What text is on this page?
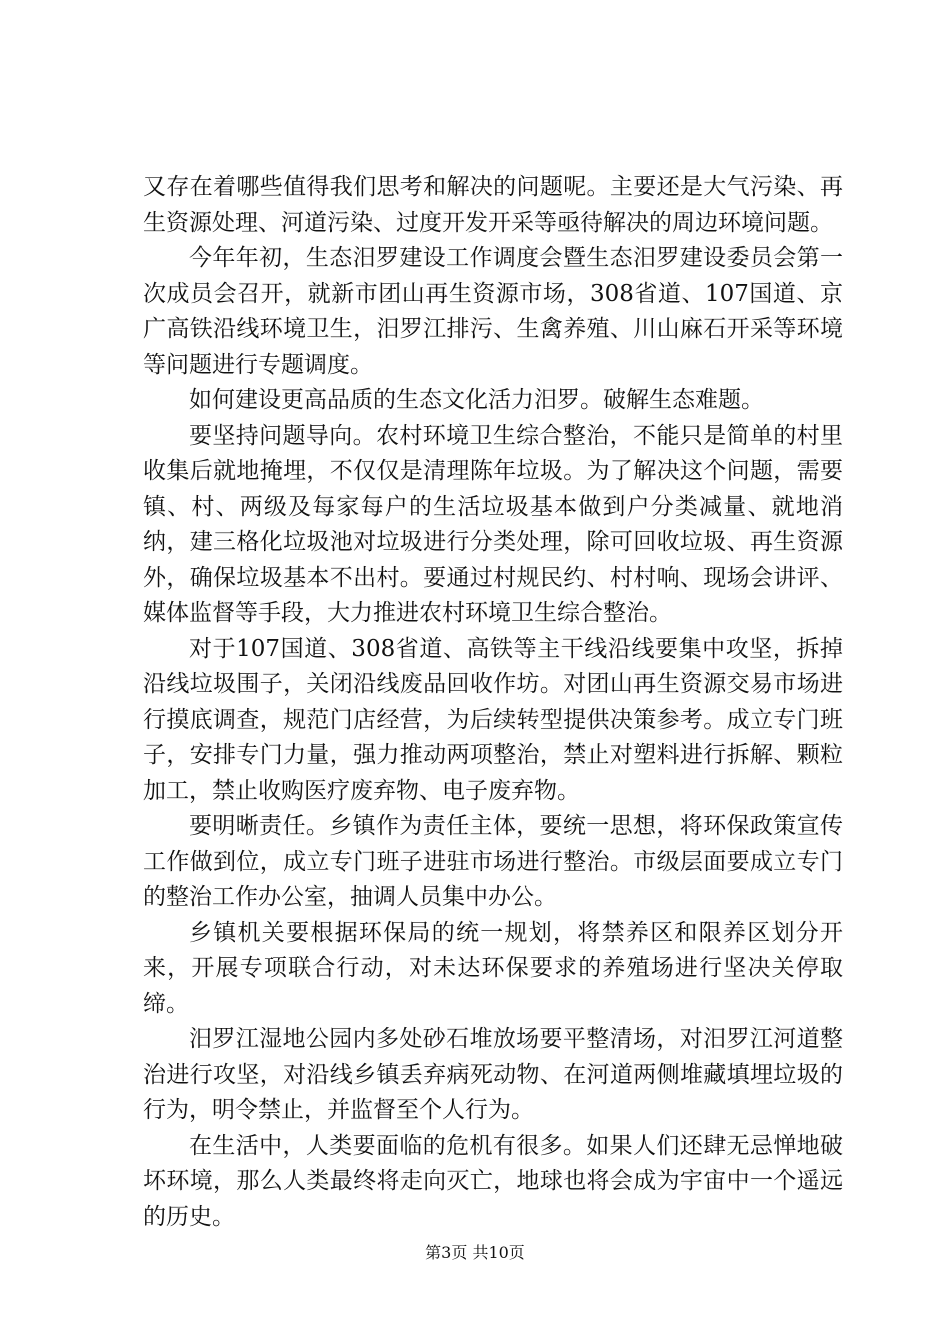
又存在着哪些值得我们思考和解决的问题呢。主要还是大气污染、再生资源处理、河道污染、过度开发开采等亟待解决的周边环境问题。

今年年初，生态汨罗建设工作调度会暨生态汨罗建设委员会第一次成员会召开，就新市团山再生资源市场，308省道、107国道、京广高铁沿线环境卫生，汨罗江排污、生禽养殖、川山麻石开采等环境等问题进行专题调度。

如何建设更高品质的生态文化活力汨罗。破解生态难题。

要坚持问题导向。农村环境卫生综合整治，不能只是简单的村里收集后就地掩埋，不仅仅是清理陈年垃圾。为了解决这个问题，需要镇、村、两级及每家每户的生活垃圾基本做到户分类减量、就地消纳，建三格化垃圾池对垃圾进行分类处理，除可回收垃圾、再生资源外，确保垃圾基本不出村。要通过村规民约、村村响、现场会讲评、媒体监督等手段，大力推进农村环境卫生综合整治。

对于107国道、308省道、高铁等主干线沿线要集中攻坚，拆掉沿线垃圾围子，关闭沿线废品回收作坊。对团山再生资源交易市场进行摸底调查，规范门店经营，为后续转型提供决策参考。成立专门班子，安排专门力量，强力推动两项整治，禁止对塑料进行拆解、颗粒加工，禁止收购医疗废弃物、电子废弃物。

要明晰责任。乡镇作为责任主体，要统一思想，将环保政策宣传工作做到位，成立专门班子进驻市场进行整治。市级层面要成立专门的整治工作办公室，抽调人员集中办公。

乡镇机关要根据环保局的统一规划，将禁养区和限养区划分开来，开展专项联合行动，对未达环保要求的养殖场进行坚决关停取缔。

汨罗江湿地公园内多处砂石堆放场要平整清场，对汨罗江河道整治进行攻坚，对沿线乡镇丢弃病死动物、在河道两侧堆藏填埋垃圾的行为，明令禁止，并监督至个人行为。

在生活中，人类要面临的危机有很多。如果人们还肆无忌惮地破坏环境，那么人类最终将走向灭亡，地球也将会成为宇宙中一个遥远的历史。

第3页 共10页
